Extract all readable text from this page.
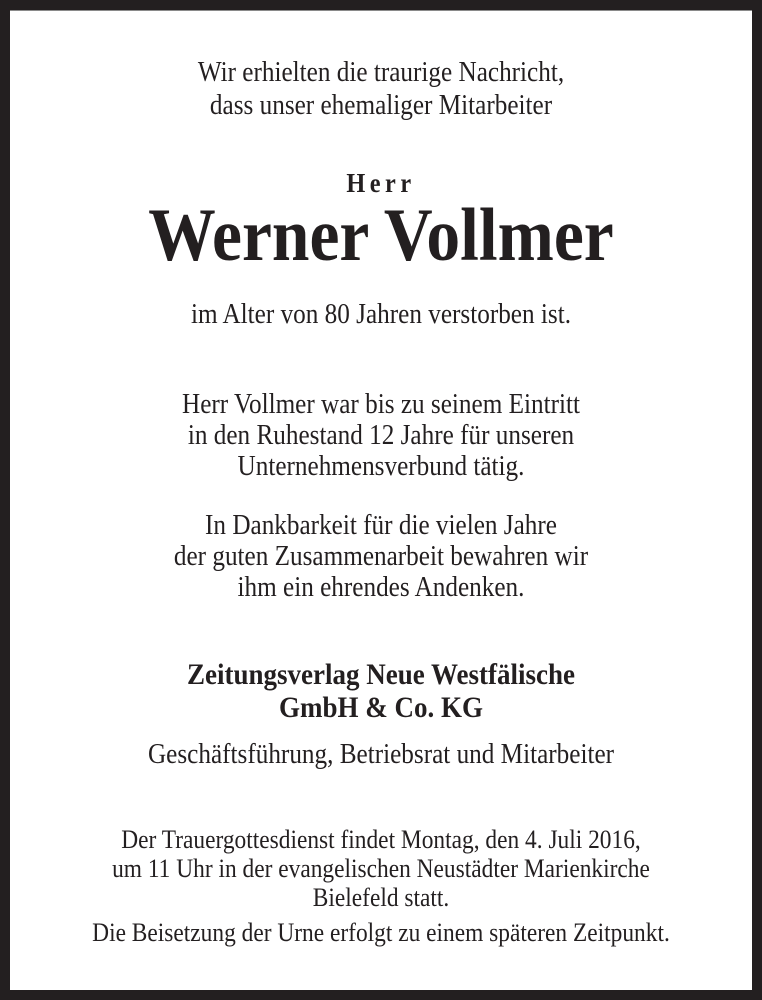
Wir erhielten die traurige Nachricht,
dass unser ehemaliger Mitarbeiter
Herr
Werner Vollmer
im Alter von 80 Jahren verstorben ist.
Herr Vollmer war bis zu seinem Eintritt
in den Ruhestand 12 Jahre für unseren
Unternehmensverbund tätig.
In Dankbarkeit für die vielen Jahre
der guten Zusammenarbeit bewahren wir
ihm ein ehrendes Andenken.
Zeitungsverlag Neue Westfälische
GmbH & Co. KG
Geschäftsführung, Betriebsrat und Mitarbeiter
Der Trauergottesdienst findet Montag, den 4. Juli 2016,
um 11 Uhr in der evangelischen Neustädter Marienkirche
Bielefeld statt.
Die Beisetzung der Urne erfolgt zu einem späteren Zeitpunkt.
